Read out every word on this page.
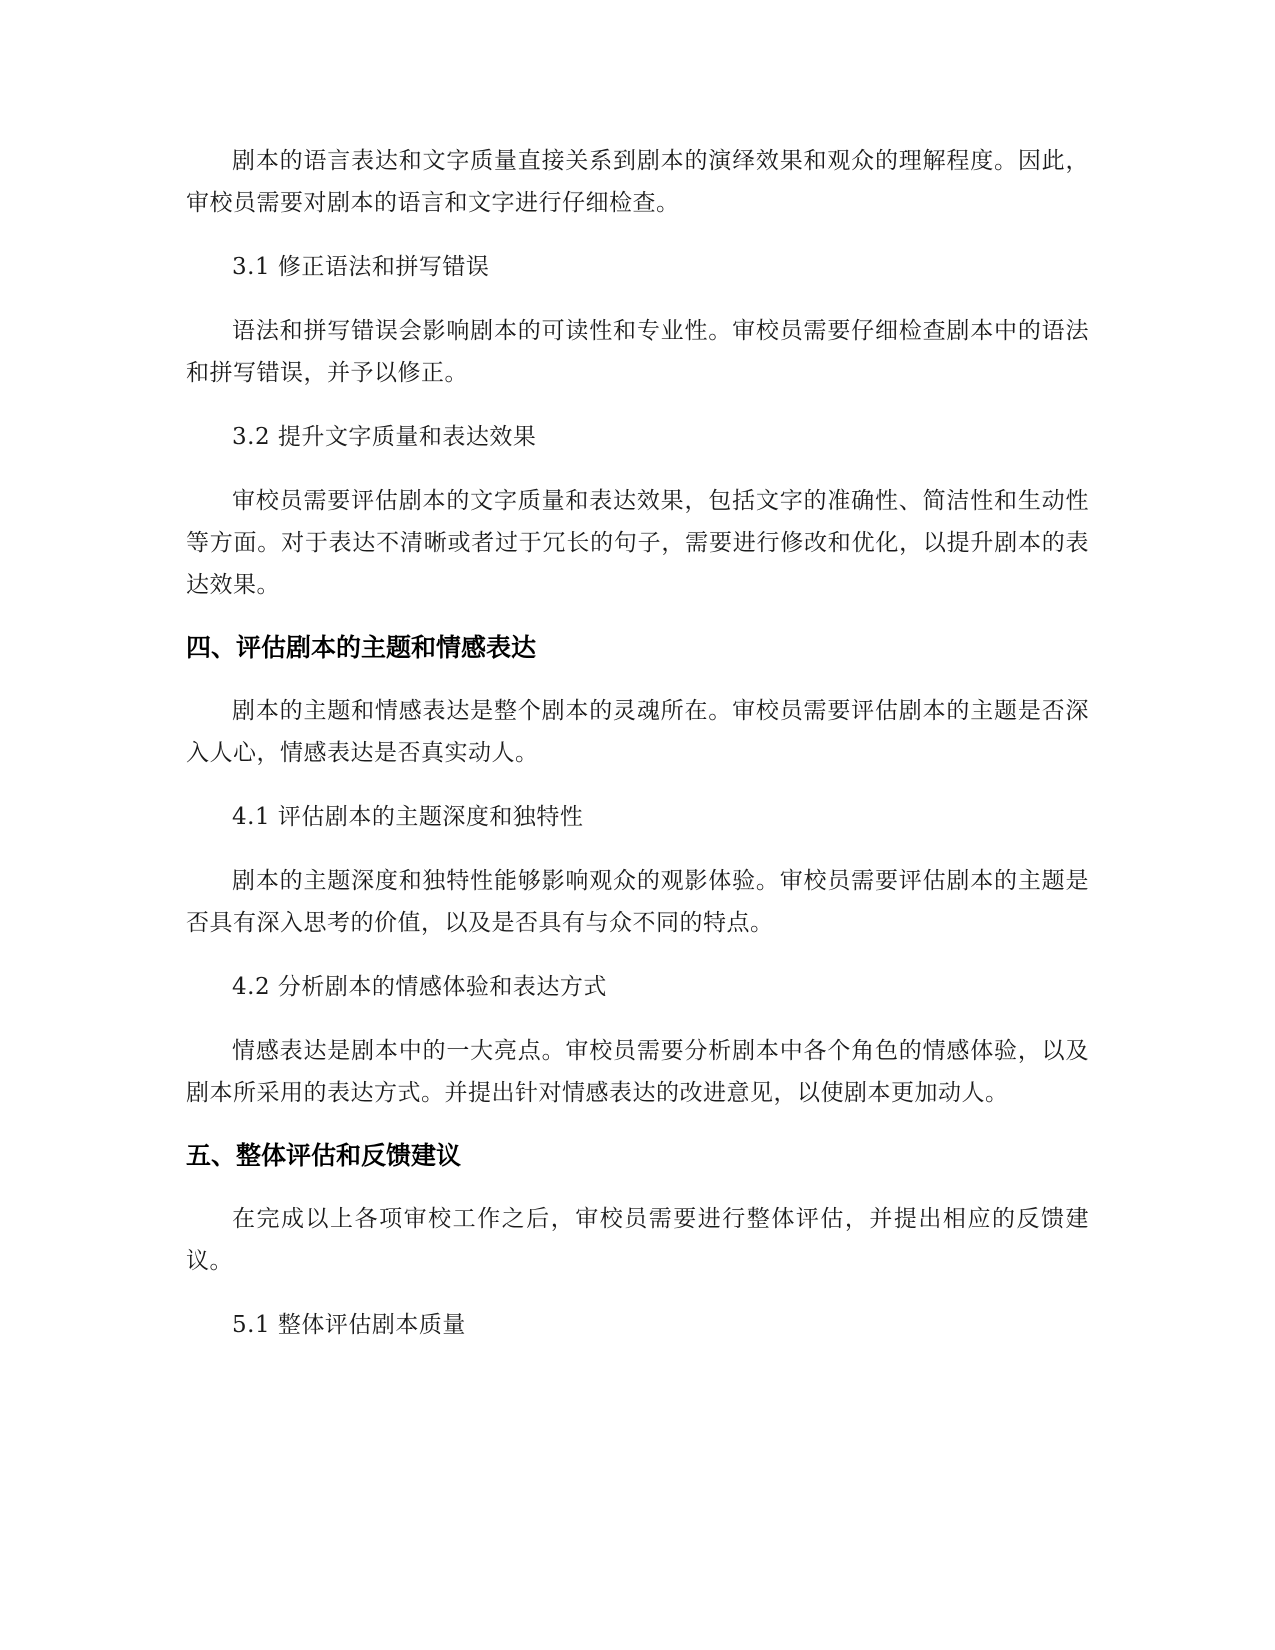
剧本的语言表达和文字质量直接关系到剧本的演绎效果和观众的理解程度。因此，审校员需要对剧本的语言和文字进行仔细检查。

3.1 修正语法和拼写错误

语法和拼写错误会影响剧本的可读性和专业性。审校员需要仔细检查剧本中的语法和拼写错误，并予以修正。

3.2 提升文字质量和表达效果

审校员需要评估剧本的文字质量和表达效果，包括文字的准确性、简洁性和生动性等方面。对于表达不清晰或者过于冗长的句子，需要进行修改和优化，以提升剧本的表达效果。

四、评估剧本的主题和情感表达

剧本的主题和情感表达是整个剧本的灵魂所在。审校员需要评估剧本的主题是否深入人心，情感表达是否真实动人。

4.1 评估剧本的主题深度和独特性

剧本的主题深度和独特性能够影响观众的观影体验。审校员需要评估剧本的主题是否具有深入思考的价值，以及是否具有与众不同的特点。

4.2 分析剧本的情感体验和表达方式

情感表达是剧本中的一大亮点。审校员需要分析剧本中各个角色的情感体验，以及剧本所采用的表达方式。并提出针对情感表达的改进意见，以使剧本更加动人。

五、整体评估和反馈建议

在完成以上各项审校工作之后，审校员需要进行整体评估，并提出相应的反馈建议。

5.1 整体评估剧本质量
